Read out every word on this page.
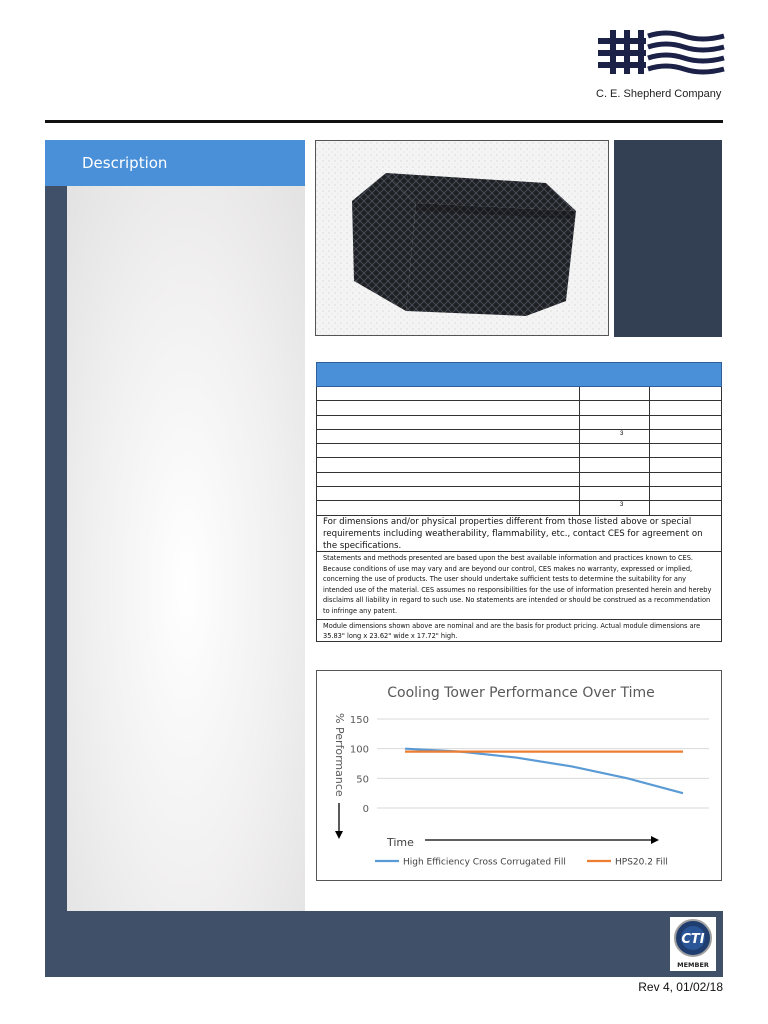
C. E. Shepherd Company
Description
3
3
For dimensions and/or physical properties different from those listed above or special requirements including weatherability, flammability, etc., contact CES for agreement on the specifications.
Statements and methods presented are based upon the best available information and practices known to CES. Because conditions of use may vary and are beyond our control, CES makes no warranty, expressed or implied, concerning the use of products. The user should undertake sufficient tests to determine the suitability for any intended use of the material. CES assumes no responsibilities for the use of information presented herein and hereby disclaims all liability in regard to such use. No statements are intended or should be construed as a recommendation to infringe any patent.
Module dimensions shown above are nominal and are the basis for product pricing. Actual module dimensions are 35.83" long x 23.62" wide x 17.72" high.
Cooling Tower Performance Over Time
0
50
100
150
% Performance
Time
High Efficiency Cross Corrugated Fill	HPS20.2 Fill
CTI
MEMBER
Rev 4, 01/02/18
